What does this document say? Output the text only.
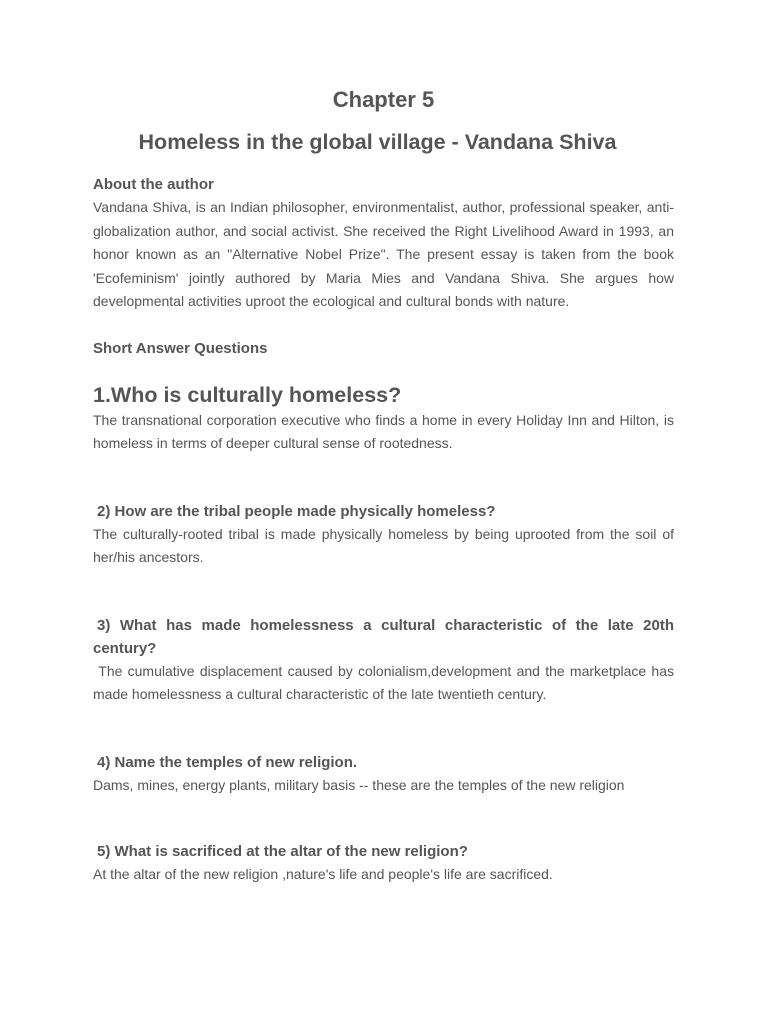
Chapter 5
Homeless in the global village - Vandana Shiva
About the author

Vandana Shiva, is an Indian philosopher, environmentalist, author, professional speaker, anti-globalization author, and social activist. She received the Right Livelihood Award in 1993, an honor known as an "Alternative Nobel Prize". The present essay is taken from the book 'Ecofeminism' jointly authored by Maria Mies and Vandana Shiva. She argues how developmental activities uproot the ecological and cultural bonds with nature.

Short Answer Questions
1.Who is culturally homeless?

The transnational corporation executive who finds a home in every Holiday Inn and Hilton, is homeless in terms of deeper cultural sense of rootedness.

2) How are the tribal people made physically homeless?

The culturally-rooted tribal is made physically homeless by being uprooted from the soil of her/his ancestors.

3) What has made homelessness a cultural characteristic of the late 20th century?

The cumulative displacement caused by colonialism,development and the marketplace has made homelessness a cultural characteristic of the late twentieth century.

4) Name the temples of new religion.

Dams, mines, energy plants, military basis -- these are the temples of the new religion

5) What is sacrificed at the altar of the new religion?

At the altar of the new religion ,nature's life and people's life are sacrificed.
